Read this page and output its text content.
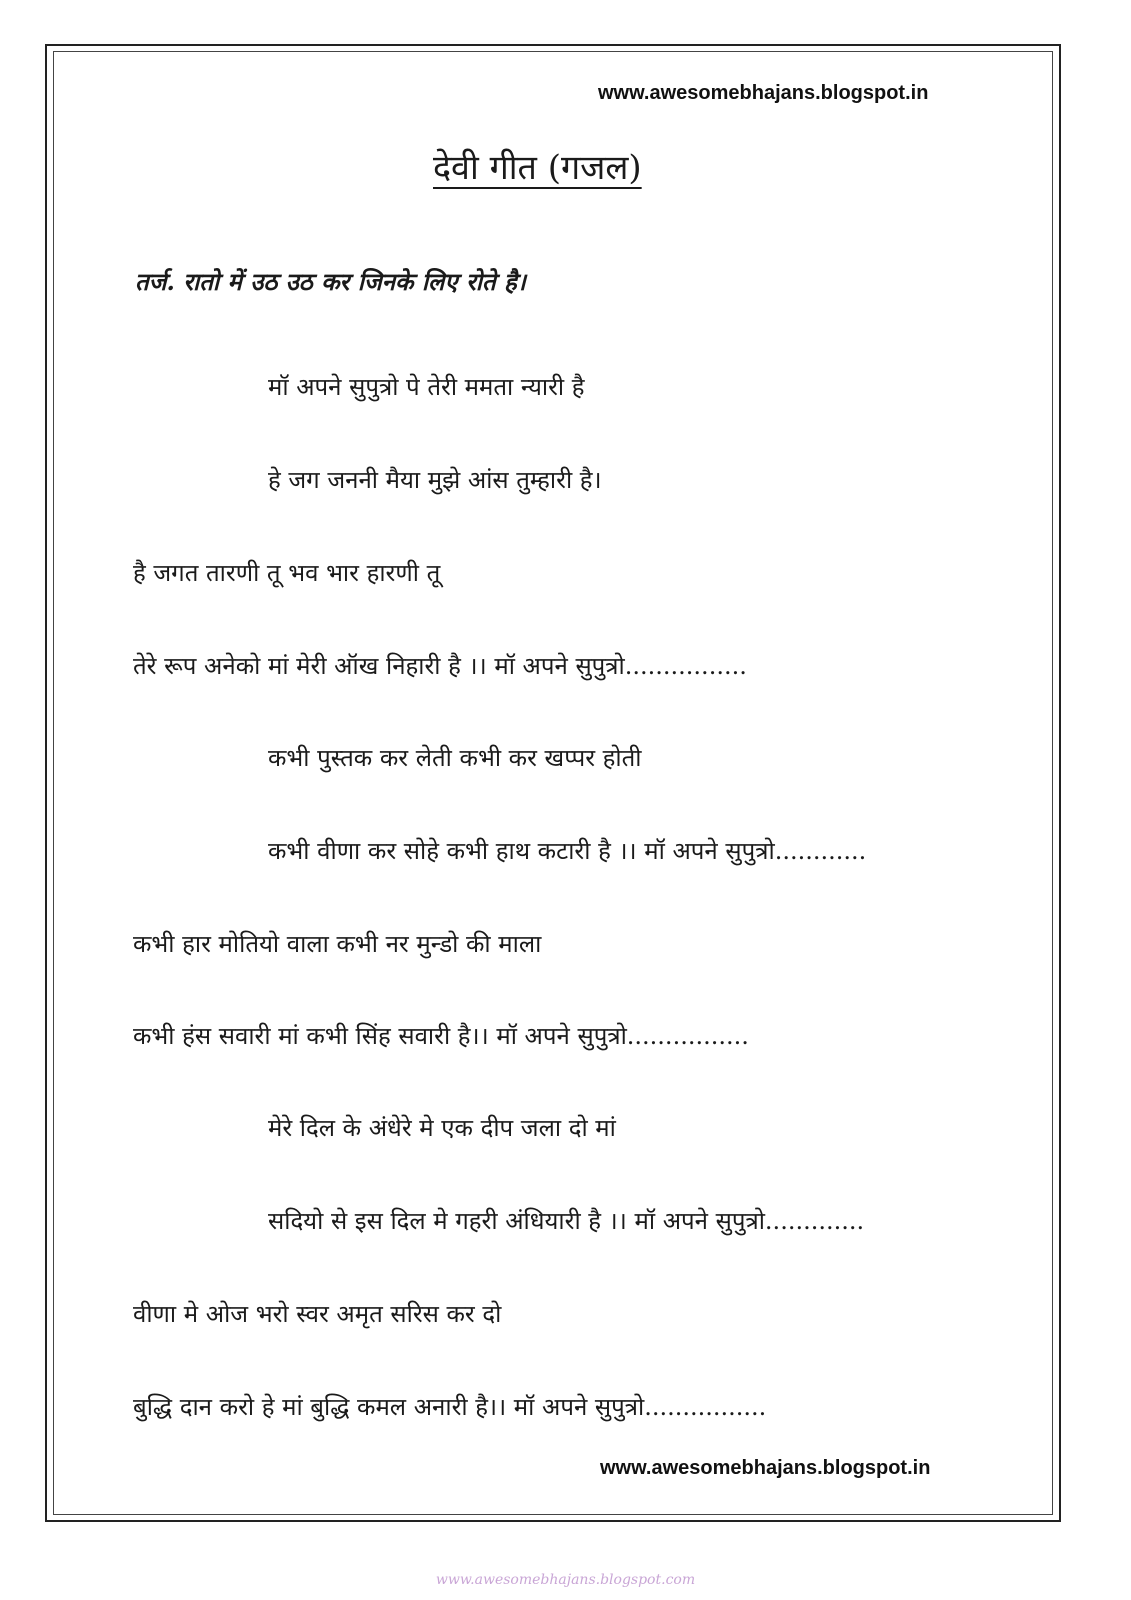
www.awesomebhajans.blogspot.in
देवी गीत (गजल)
तर्ज. रातो में उठ उठ कर जिनके लिए रोते है।
मॉ अपने सुपुत्रो पे तेरी ममता न्यारी है
हे जग जननी मैया मुझे आंस तुम्हारी है।
है जगत तारणी तू भव भार हारणी तू
तेरे रूप अनेको मां मेरी ऑख निहारी है ।। मॉ अपने सुपुत्रो................
कभी पुस्तक कर लेती कभी कर खप्पर होती
कभी वीणा कर सोहे कभी हाथ कटारी है ।। मॉ अपने सुपुत्रो............
कभी हार मोतियो वाला कभी नर मुन्डो की माला
कभी हंस सवारी मां कभी सिंह सवारी है।। मॉ अपने सुपुत्रो................
मेरे दिल के अंधेरे मे एक दीप जला दो मां
सदियो से इस दिल मे गहरी अंधियारी है ।। मॉ अपने सुपुत्रो.............
वीणा मे ओज भरो स्वर अमृत सरिस कर दो
बुद्धि दान करो हे मां बुद्धि कमल अनारी है।। मॉ अपने सुपुत्रो................
www.awesomebhajans.blogspot.in
www.awesomebhajans.blogspot.com
